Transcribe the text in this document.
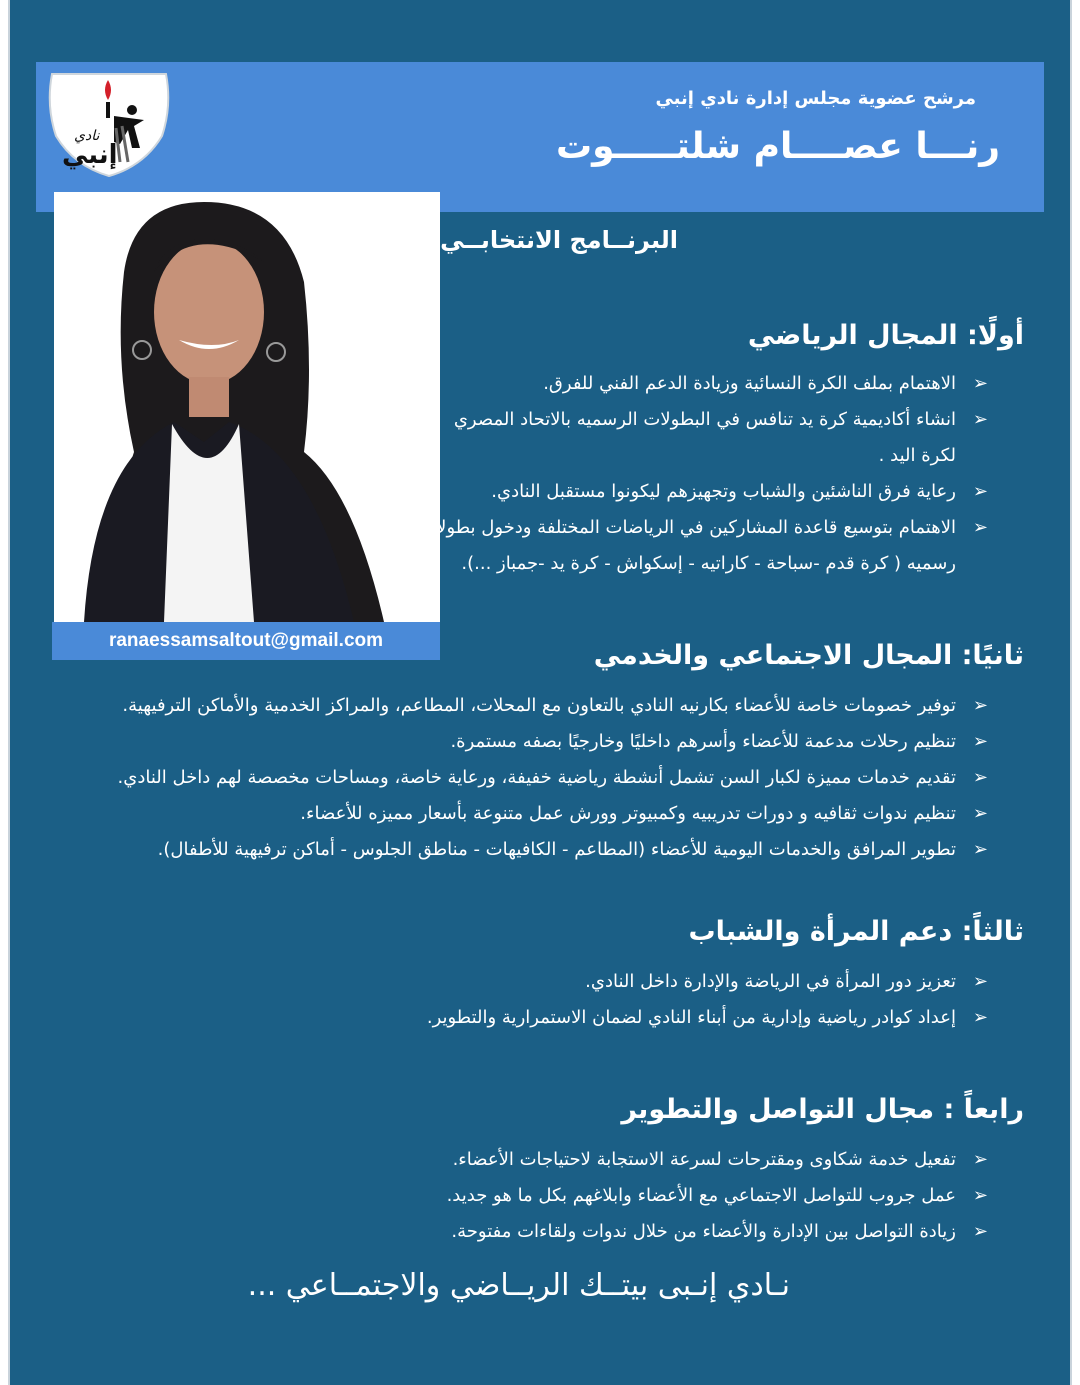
نادي
إنبي
مرشح عضوية مجلس إدارة نادي إنبي
رنـــا عصــــام شلتـــــوت
ranaessamsaltout@gmail.com
البرنــامج الانتخابــي
أولًا: المجال الرياضي
➢
الاهتمام بملف الكرة النسائية وزيادة الدعم الفني للفرق.
➢
انشاء أكاديمية كرة يد تنافس في البطولات الرسميه بالاتحاد المصري
لكرة اليد .
➢
رعاية فرق الناشئين والشباب وتجهيزهم ليكونوا مستقبل النادي.
➢
الاهتمام بتوسيع قاعدة المشاركين في الرياضات المختلفة ودخول بطولات
رسميه ( كرة قدم -سباحة - كاراتيه - إسكواش - كرة يد -جمباز ...).
ثانيًا: المجال الاجتماعي والخدمي
➢
توفير خصومات خاصة للأعضاء بكارنيه النادي بالتعاون مع المحلات، المطاعم، والمراكز الخدمية والأماكن الترفيهية.
➢
تنظيم رحلات مدعمة للأعضاء وأسرهم داخليًا وخارجيًا بصفه مستمرة.
➢
تقديم خدمات مميزة لكبار السن تشمل أنشطة رياضية خفيفة، ورعاية خاصة، ومساحات مخصصة لهم داخل النادي.
➢
تنظيم ندوات ثقافيه و دورات تدريبيه وكمبيوتر وورش عمل متنوعة بأسعار مميزه للأعضاء.
➢
تطوير المرافق والخدمات اليومية للأعضاء (المطاعم - الكافيهات - مناطق الجلوس - أماكن ترفيهية للأطفال).
ثالثاً: دعم المرأة والشباب
➢
تعزيز دور المرأة في الرياضة والإدارة داخل النادي.
➢
إعداد كوادر رياضية وإدارية من أبناء النادي لضمان الاستمرارية والتطوير.
رابعاً : مجال التواصل والتطوير
➢
تفعيل خدمة شكاوى ومقترحات لسرعة الاستجابة لاحتياجات الأعضاء.
➢
عمل جروب للتواصل الاجتماعي مع الأعضاء وابلاغهم بكل ما هو جديد.
➢
زيادة التواصل بين الإدارة والأعضاء من خلال ندوات ولقاءات مفتوحة.
نـادي إنـبى بيتــك الريــاضي والاجتمــاعي ...
